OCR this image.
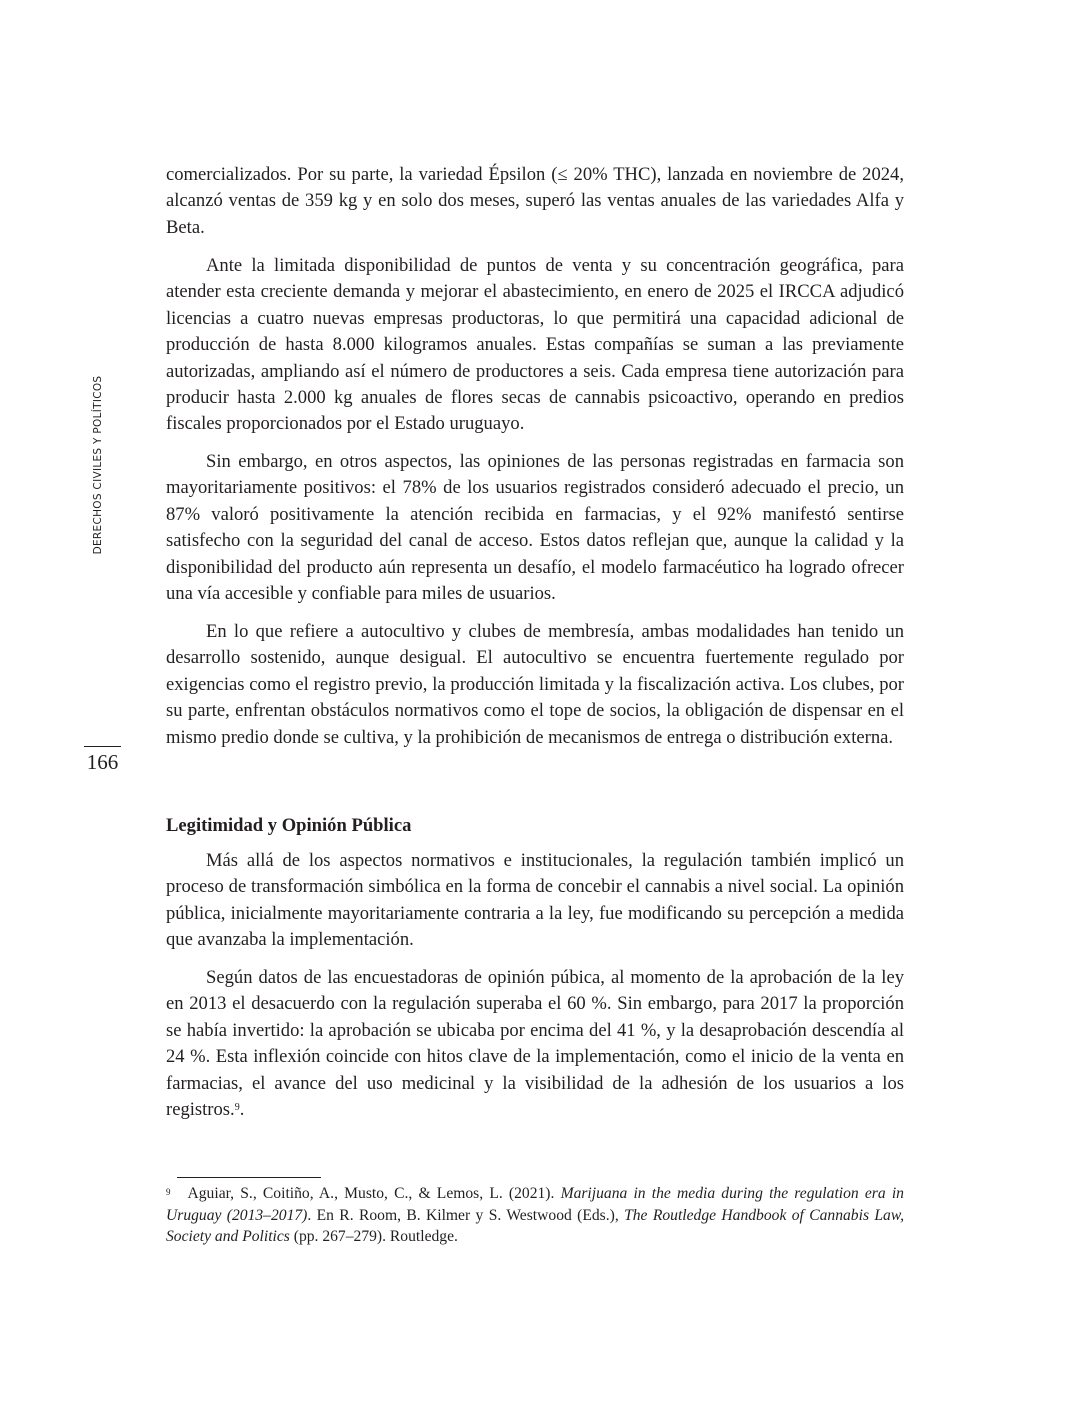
DERECHOS CIVILES Y POLÍTICOS
166

comercializados. Por su parte, la variedad Épsilon (≤ 20% THC), lanzada en noviembre de 2024, alcanzó ventas de 359 kg y en solo dos meses, superó las ventas anuales de las variedades Alfa y Beta.

Ante la limitada disponibilidad de puntos de venta y su concentración geográfica, para atender esta creciente demanda y mejorar el abastecimiento, en enero de 2025 el IRCCA adjudicó licencias a cuatro nuevas empresas productoras, lo que permitirá una capacidad adicional de producción de hasta 8.000 kilogramos anuales. Estas compañías se suman a las previamente autorizadas, ampliando así el número de productores a seis. Cada empresa tiene autorización para producir hasta 2.000 kg anuales de flores secas de cannabis psicoactivo, operando en predios fiscales proporcionados por el Estado uruguayo.

Sin embargo, en otros aspectos, las opiniones de las personas registradas en farmacia son mayoritariamente positivos: el 78% de los usuarios registrados consideró adecuado el precio, un 87% valoró positivamente la atención recibida en farmacias, y el 92% manifestó sentirse satisfecho con la seguridad del canal de acceso. Estos datos reflejan que, aunque la calidad y la disponibilidad del producto aún representa un desafío, el modelo farmacéutico ha logrado ofrecer una vía accesible y confiable para miles de usuarios.

En lo que refiere a autocultivo y clubes de membresía, ambas modalidades han tenido un desarrollo sostenido, aunque desigual. El autocultivo se encuentra fuertemente regulado por exigencias como el registro previo, la producción limitada y la fiscalización activa. Los clubes, por su parte, enfrentan obstáculos normativos como el tope de socios, la obligación de dispensar en el mismo predio donde se cultiva, y la prohibición de mecanismos de entrega o distribución externa.

Legitimidad y Opinión Pública

Más allá de los aspectos normativos e institucionales, la regulación también implicó un proceso de transformación simbólica en la forma de concebir el cannabis a nivel social. La opinión pública, inicialmente mayoritariamente contraria a la ley, fue modificando su percepción a medida que avanzaba la implementación.

Según datos de las encuestadoras de opinión púbica, al momento de la aprobación de la ley en 2013 el desacuerdo con la regulación superaba el 60 %. Sin embargo, para 2017 la proporción se había invertido: la aprobación se ubicaba por encima del 41 %, y la desaprobación descendía al 24 %. Esta inflexión coincide con hitos clave de la implementación, como el inicio de la venta en farmacias, el avance del uso medicinal y la visibilidad de la adhesión de los usuarios a los registros.$^9$.

$^9$ Aguiar, S., Coitiño, A., Musto, C., & Lemos, L. (2021). Marijuana in the media during the regulation era in Uruguay (2013–2017). En R. Room, B. Kilmer y S. Westwood (Eds.), The Routledge Handbook of Cannabis Law, Society and Politics (pp. 267–279). Routledge.
